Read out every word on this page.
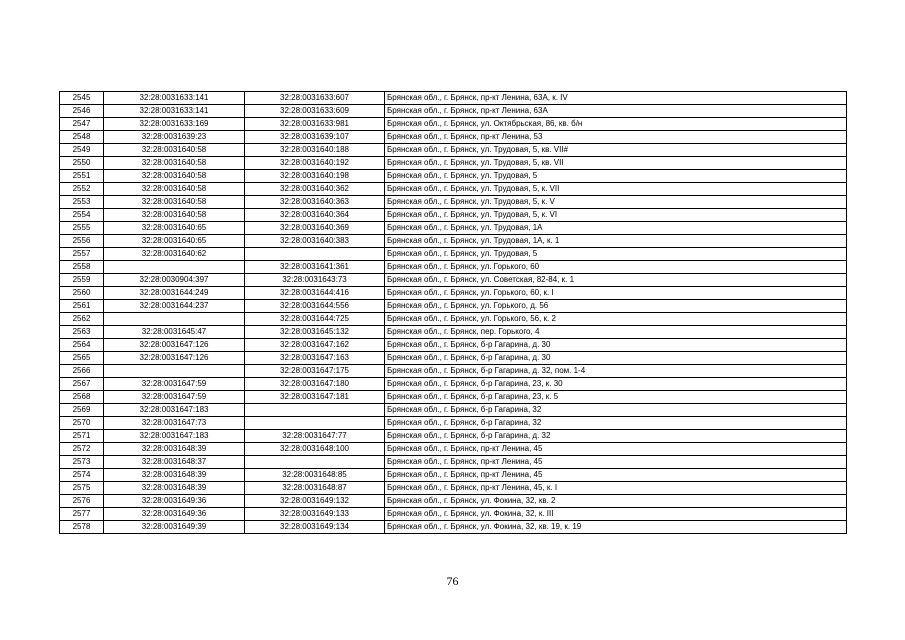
2545	32:28:0031633:141	32:28:0031633:607	Брянская обл., г. Брянск, пр-кт Ленина, 63А, к. IV
2546	32:28:0031633:141	32:28:0031633:609	Брянская обл., г. Брянск, пр-кт Ленина, 63А
2547	32:28:0031633:169	32:28:0031633:981	Брянская обл., г. Брянск, ул. Октябрьская, 86, кв. б/н
2548	32:28:0031639:23	32:28:0031639:107	Брянская обл., г. Брянск, пр-кт Ленина, 53
2549	32:28:0031640:58	32:28:0031640:188	Брянская обл., г. Брянск, ул. Трудовая, 5, кв. VII#
2550	32:28:0031640:58	32:28:0031640:192	Брянская обл., г. Брянск, ул. Трудовая, 5, кв. VII
2551	32:28:0031640:58	32:28:0031640:198	Брянская обл., г. Брянск, ул. Трудовая, 5
2552	32:28:0031640:58	32:28:0031640:362	Брянская обл., г. Брянск, ул. Трудовая, 5, к. VII
2553	32:28:0031640:58	32:28:0031640:363	Брянская обл., г. Брянск, ул. Трудовая, 5, к. V
2554	32:28:0031640:58	32:28:0031640:364	Брянская обл., г. Брянск, ул. Трудовая, 5, к. VI
2555	32:28:0031640:65	32:28:0031640:369	Брянская обл., г. Брянск, ул. Трудовая, 1А
2556	32:28:0031640:65	32:28:0031640:383	Брянская обл., г. Брянск, ул. Трудовая, 1А, к. 1
2557	32:28:0031640:62		Брянская обл., г. Брянск, ул. Трудовая, 5
2558		32:28:0031641:361	Брянская обл., г. Брянск, ул. Горького, 60
2559	32:28:0030904:397	32:28:0031643:73	Брянская обл., г. Брянск, ул. Советская, 82-84, к. 1
2560	32:28:0031644:249	32:28:0031644:416	Брянская обл., г. Брянск, ул. Горького, 60, к. I
2561	32:28:0031644:237	32:28:0031644:556	Брянская обл., г. Брянск, ул. Горького, д. 56
2562		32:28:0031644:725	Брянская обл., г. Брянск, ул. Горького, 56, к. 2
2563	32:28:0031645:47	32:28:0031645:132	Брянская обл., г. Брянск, пер. Горького, 4
2564	32:28:0031647:126	32:28:0031647:162	Брянская обл., г. Брянск, б-р Гагарина, д. 30
2565	32:28:0031647:126	32:28:0031647:163	Брянская обл., г. Брянск, б-р Гагарина, д. 30
2566		32:28:0031647:175	Брянская обл., г. Брянск, б-р Гагарина, д. 32, пом. 1-4
2567	32:28:0031647:59	32:28:0031647:180	Брянская обл., г. Брянск, б-р Гагарина, 23, к. 30
2568	32:28:0031647:59	32:28:0031647:181	Брянская обл., г. Брянск, б-р Гагарина, 23, к. 5
2569	32:28:0031647:183		Брянская обл., г. Брянск, б-р Гагарина, 32
2570	32:28:0031647:73		Брянская обл., г. Брянск, б-р Гагарина, 32
2571	32:28:0031647:183	32:28:0031647:77	Брянская обл., г. Брянск, б-р Гагарина, д. 32
2572	32:28:0031648:39	32:28:0031648:100	Брянская обл., г. Брянск, пр-кт Ленина, 45
2573	32:28:0031648:37		Брянская обл., г. Брянск, пр-кт Ленина, 45
2574	32:28:0031648:39	32:28:0031648:85	Брянская обл., г. Брянск, пр-кт Ленина, 45
2575	32:28:0031648:39	32:28:0031648:87	Брянская обл., г. Брянск, пр-кт Ленина, 45, к. I
2576	32:28:0031649:36	32:28:0031649:132	Брянская обл., г. Брянск, ул. Фокина, 32, кв. 2
2577	32:28:0031649:36	32:28:0031649:133	Брянская обл., г. Брянск, ул. Фокина, 32, к. III
2578	32:28:0031649:39	32:28:0031649:134	Брянская обл., г. Брянск, ул. Фокина, 32, кв. 19, к. 19
76
